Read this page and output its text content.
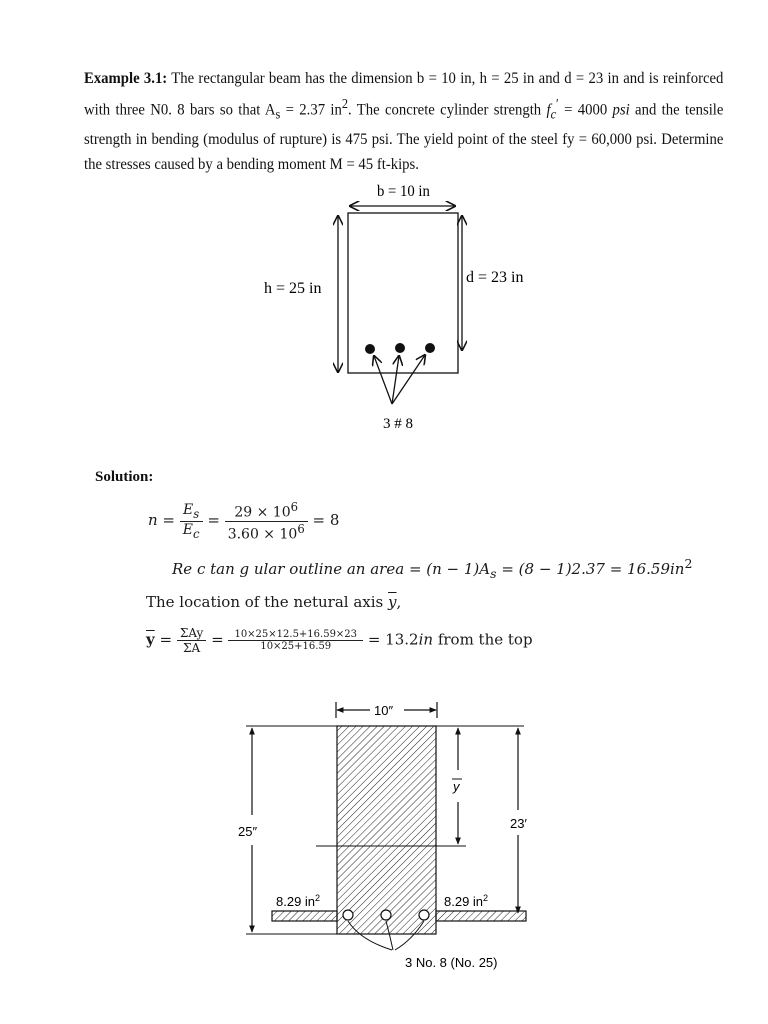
Example 3.1: The rectangular beam has the dimension b = 10 in, h = 25 in and d = 23 in and is reinforced with three N0. 8 bars so that $A_s = 2.37$ $in^2$. The concrete cylinder strength $f_c' = 4000$ psi and the tensile strength in bending (modulus of rupture) is 475 psi. The yield point of the steel fy = 60,000 psi. Determine the stresses caused by a bending moment M = 45 ft-kips.
b = 10 in
h = 25 in
d = 23 in
3 # 8
Solution:
$n = \frac{E_s}{E_c} = \frac{29 \times 10^6}{3.60 \times 10^6} = 8$
Re c tan g ular outline an area = $(n - 1)A_s = (8 - 1)2.37 = 16.59in^2$
The location of the netural axis $\overline{y}$,
$\overline{y} = \frac{\text{ΣAy}}{\Sigma A} = \frac{10\times 25\times 12.5+16.59\times 23}{10\times 25+16.59} = 13.2in$ from the top
10″
25″
y
23′
8.29 $in^2$	8.29 $in^2$
3 No. 8 (No. 25)
